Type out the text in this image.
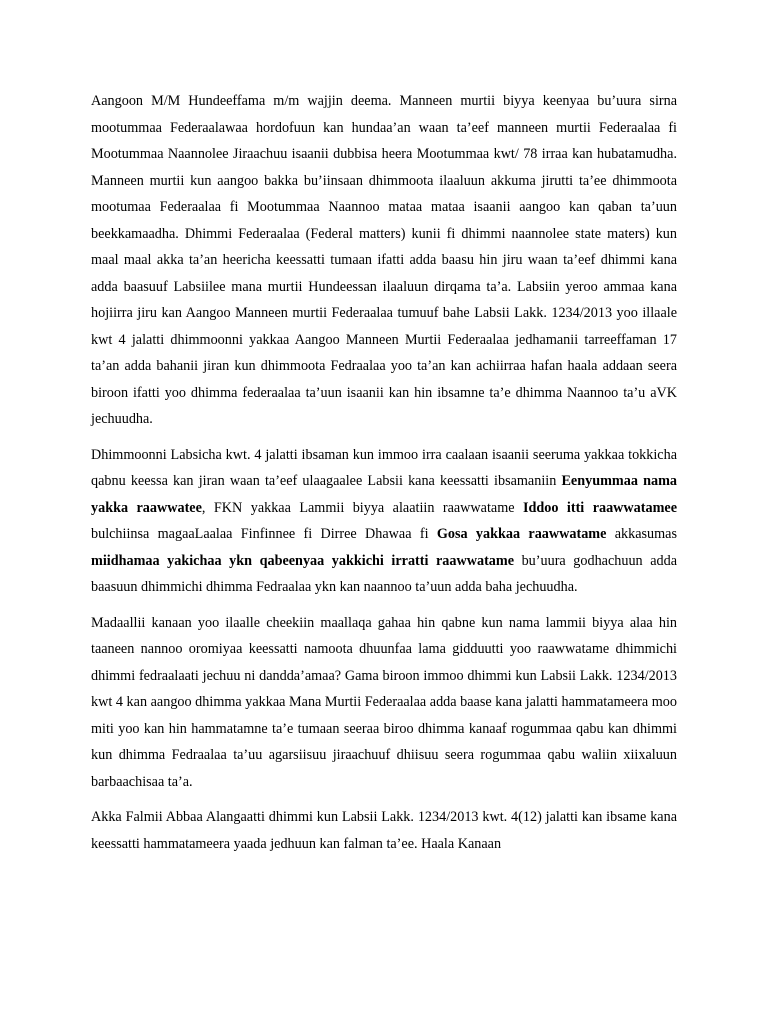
Aangoon M/M Hundeeffama m/m wajjin deema. Manneen murtii biyya keenyaa bu’uura sirna mootummaa Federaalawaa hordofuun kan hundaa’an waan ta’eef manneen murtii Federaalaa fi Mootummaa Naannolee Jiraachuu isaanii dubbisa heera Mootummaa kwt/ 78 irraa kan hubatamudha. Manneen murtii kun aangoo bakka bu’iinsaan dhimmoota ilaaluun akkuma jirutti ta’ee dhimmoota mootumaa Federaalaa fi Mootummaa Naannoo mataa mataa isaanii aangoo kan qaban ta’uun beekkamaadha. Dhimmi Federaalaa (Federal matters) kunii fi dhimmi naannolee state maters) kun maal maal akka ta’an heericha keessatti tumaan ifatti adda baasu hin jiru waan ta’eef dhimmi kana adda baasuuf Labsiilee mana murtii Hundeessan ilaaluun dirqama ta’a. Labsiin yeroo ammaa kana hojiirra jiru kan Aangoo Manneen murtii Federaalaa tumuuf bahe Labsii Lakk. 1234/2013 yoo illaale kwt 4 jalatti dhimmoonni yakkaa Aangoo Manneen Murtii Federaalaa jedhamanii tarreeffaman 17 ta’an adda bahanii jiran kun dhimmoota Fedraalaa yoo ta’an kan achiirraa hafan haala addaan seera biroon ifatti yoo dhimma federaalaa ta’uun isaanii kan hin ibsamne ta’e dhimma Naannoo ta’u aVK jechuudha.

Dhimmoonni Labsicha kwt. 4 jalatti ibsaman kun immoo irra caalaan isaanii seeruma yakkaa tokkicha qabnu keessa kan jiran waan ta’eef ulaagaalee Labsii kana keessatti ibsamaniin Eenyummaa nama yakka raawwatee, FKN yakkaa Lammii biyya alaatiin raawwatame Iddoo itti raawwatamee bulchiinsa magaaLaalaa Finfinnee fi Dirree Dhawaa fi Gosa yakkaa raawwatame akkasumas miidhamaa yakichaa ykn qabeenyaa yakkichi irratti raawwatame bu’uura godhachuun adda baasuun dhimmichi dhimma Fedraalaa ykn kan naannoo ta’uun adda baha jechuudha.

Madaallii kanaan yoo ilaalle cheekiin maallaqa gahaa hin qabne kun nama lammii biyya alaa hin taaneen nannoo oromiyaa keessatti namoota dhuunfaa lama gidduutti yoo raawwatame dhimmichi dhimmi fedraalaati jechuu ni dandda’amaa? Gama biroon immoo dhimmi kun Labsii Lakk. 1234/2013 kwt 4 kan aangoo dhimma yakkaa Mana Murtii Federaalaa adda baase kana jalatti hammatameera moo miti yoo kan hin hammatamne ta’e tumaan seeraa biroo dhimma kanaaf rogummaa qabu kan dhimmi kun dhimma Fedraalaa ta’uu agarsiisuu jiraachuuf dhiisuu seera rogummaa qabu waliin xiixaluun barbaachisaa ta’a.

Akka Falmii Abbaa Alangaatti dhimmi kun Labsii Lakk. 1234/2013 kwt. 4(12) jalatti kan ibsame kana keessatti hammatameera yaada jedhuun kan falman ta’ee. Haala Kanaan
